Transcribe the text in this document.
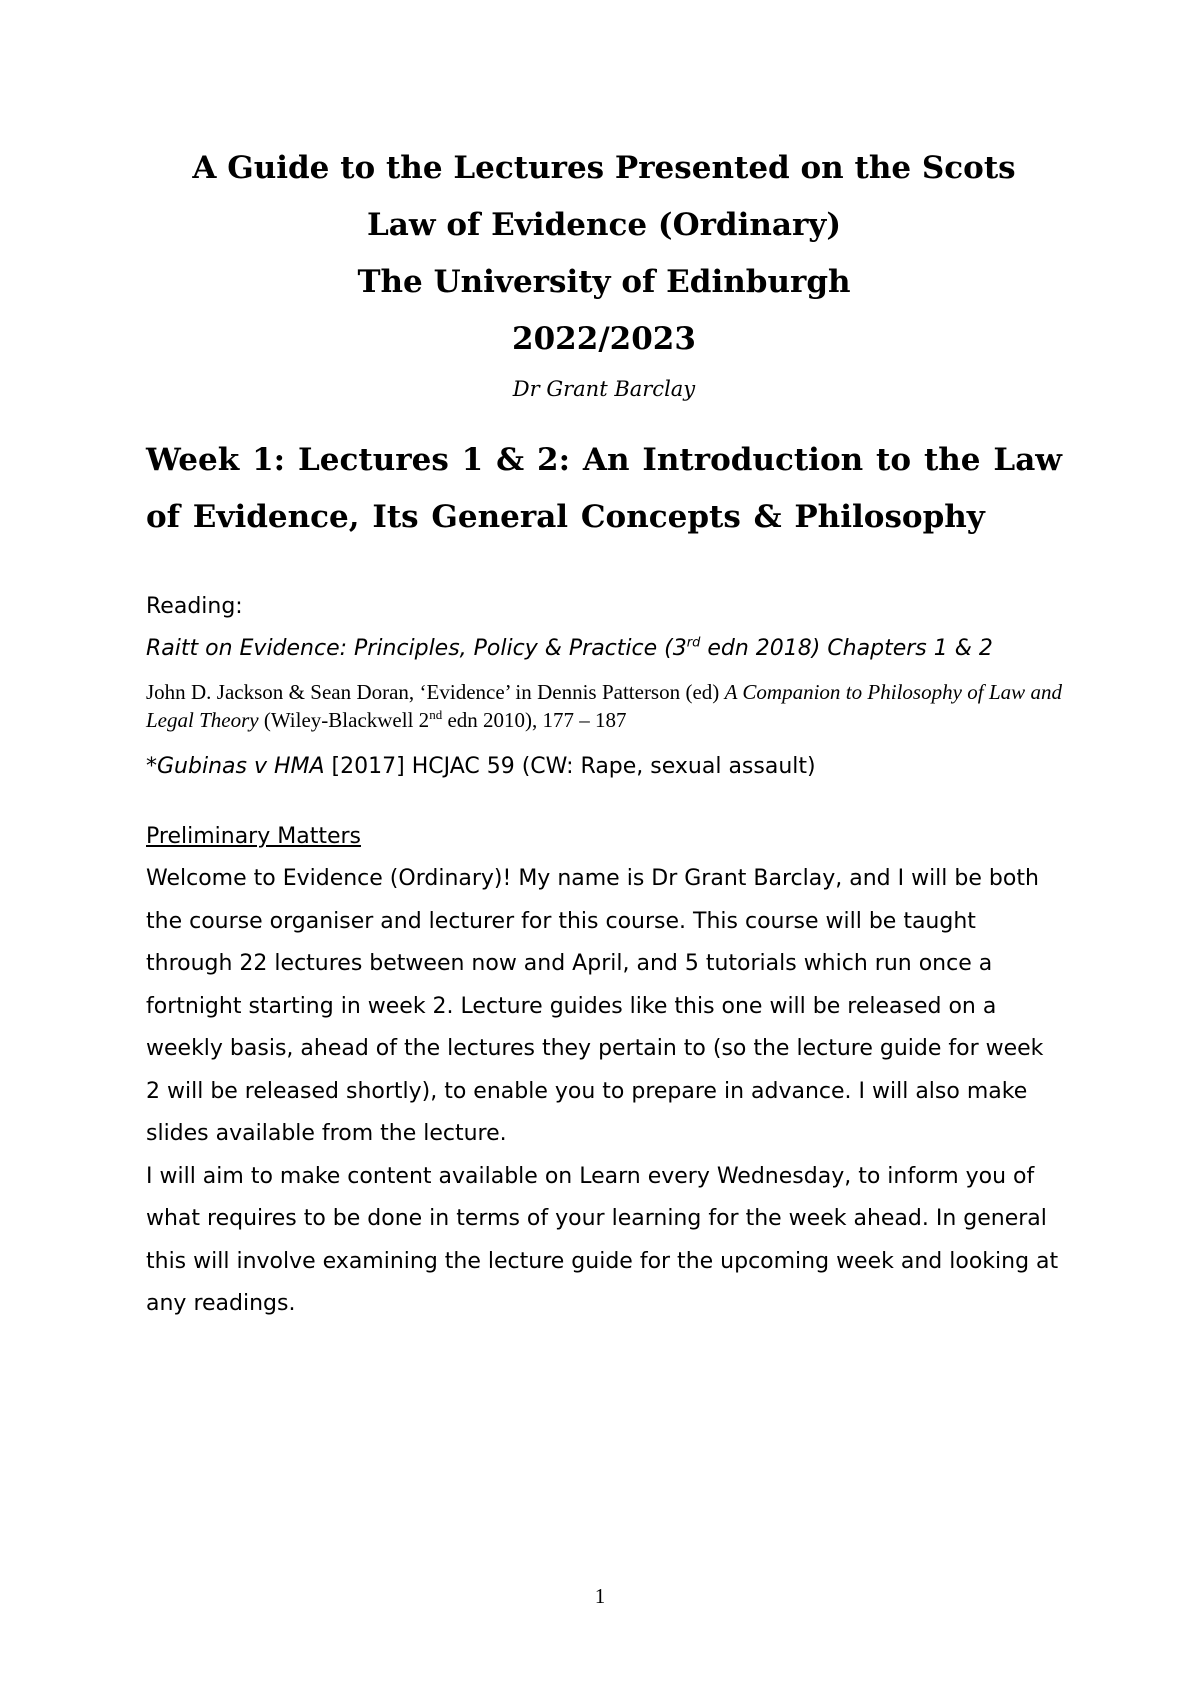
A Guide to the Lectures Presented on the Scots
Law of Evidence (Ordinary)
The University of Edinburgh
2022/2023
Dr Grant Barclay
Week 1: Lectures 1 & 2: An Introduction to the Law of Evidence, Its General Concepts & Philosophy
Reading:
Raitt on Evidence: Principles, Policy & Practice (3rd edn 2018) Chapters 1 & 2
John D. Jackson & Sean Doran, ‘Evidence’ in Dennis Patterson (ed) A Companion to Philosophy of Law and Legal Theory (Wiley-Blackwell 2nd edn 2010), 177 – 187
*Gubinas v HMA [2017] HCJAC 59 (CW: Rape, sexual assault)
Preliminary Matters

Welcome to Evidence (Ordinary)! My name is Dr Grant Barclay, and I will be both the course organiser and lecturer for this course. This course will be taught through 22 lectures between now and April, and 5 tutorials which run once a fortnight starting in week 2. Lecture guides like this one will be released on a weekly basis, ahead of the lectures they pertain to (so the lecture guide for week 2 will be released shortly), to enable you to prepare in advance. I will also make slides available from the lecture.

I will aim to make content available on Learn every Wednesday, to inform you of what requires to be done in terms of your learning for the week ahead. In general this will involve examining the lecture guide for the upcoming week and looking at any readings.

1
